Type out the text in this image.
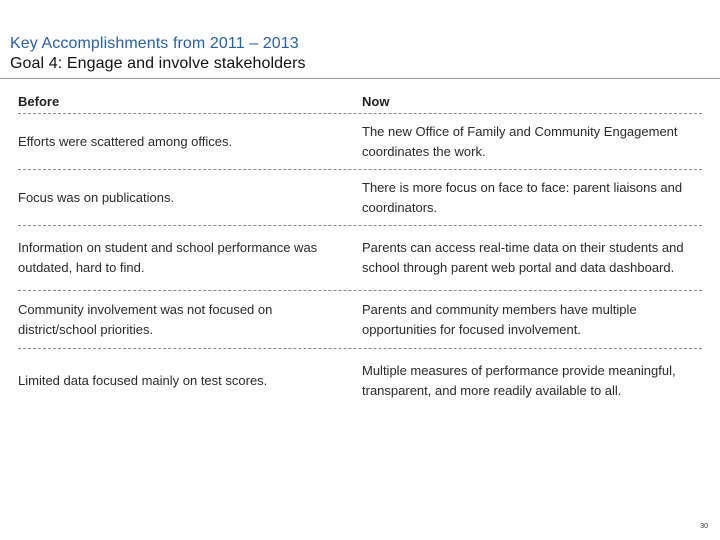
Key Accomplishments from 2011 – 2013
Goal 4: Engage and involve stakeholders
Before	Now
Efforts were scattered among offices.
The new Office of Family and Community Engagement coordinates the work.
Focus was on publications.
There is more focus on face to face: parent liaisons and coordinators.
Information on student and school performance was outdated, hard to find.
Parents can access real-time data on their students and school through parent web portal and data dashboard.
Community involvement was not focused on district/school priorities.
Parents and community members have multiple opportunities for focused involvement.
Limited data focused mainly on test scores.
Multiple measures of performance provide meaningful, transparent, and more readily available to all.
30
